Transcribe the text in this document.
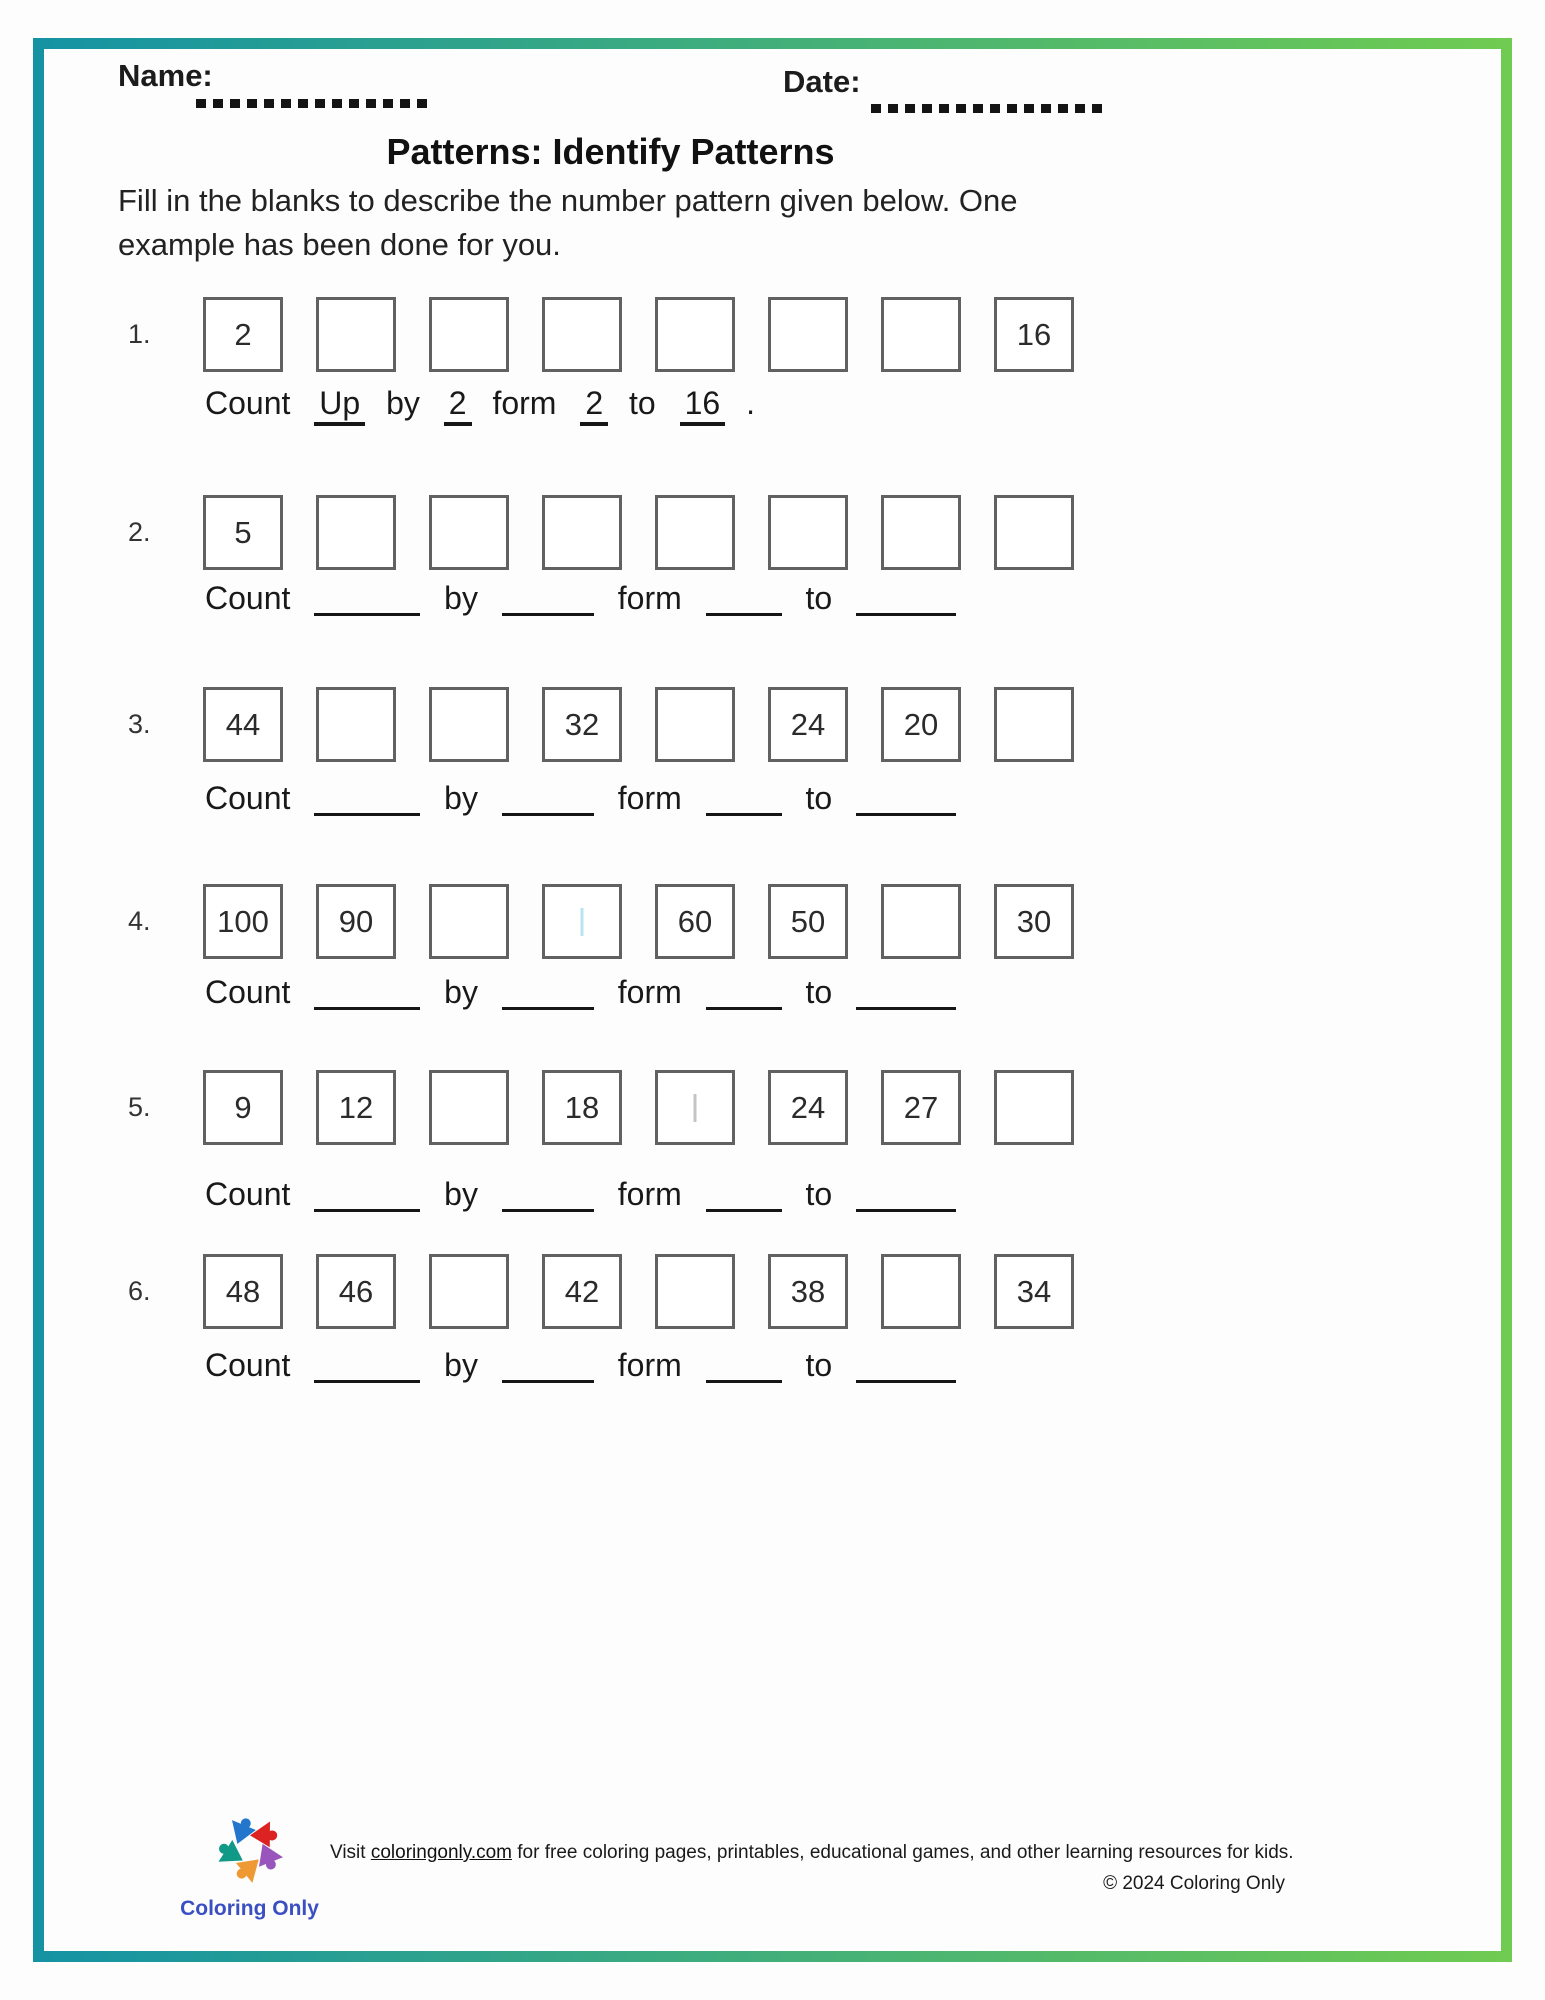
Name:	Date:
Patterns: Identify Patterns
Fill in the blanks to describe the number pattern given below. One example has been done for you.
1.	2	16
Count Up by 2 form 2 to 16 .
2.	5
Count	by	form	to
3.	44	32	24	20
Count	by	form	to
4.	100	90	60	50	30
Count	by	form	to
5.	9	12	18	24	27
Count	by	form	to
6.	48	46	42	38	34
Count	by	form	to
Coloring Only
Visit coloringonly.com for free coloring pages, printables, educational games, and other learning resources for kids.
© 2024 Coloring Only
